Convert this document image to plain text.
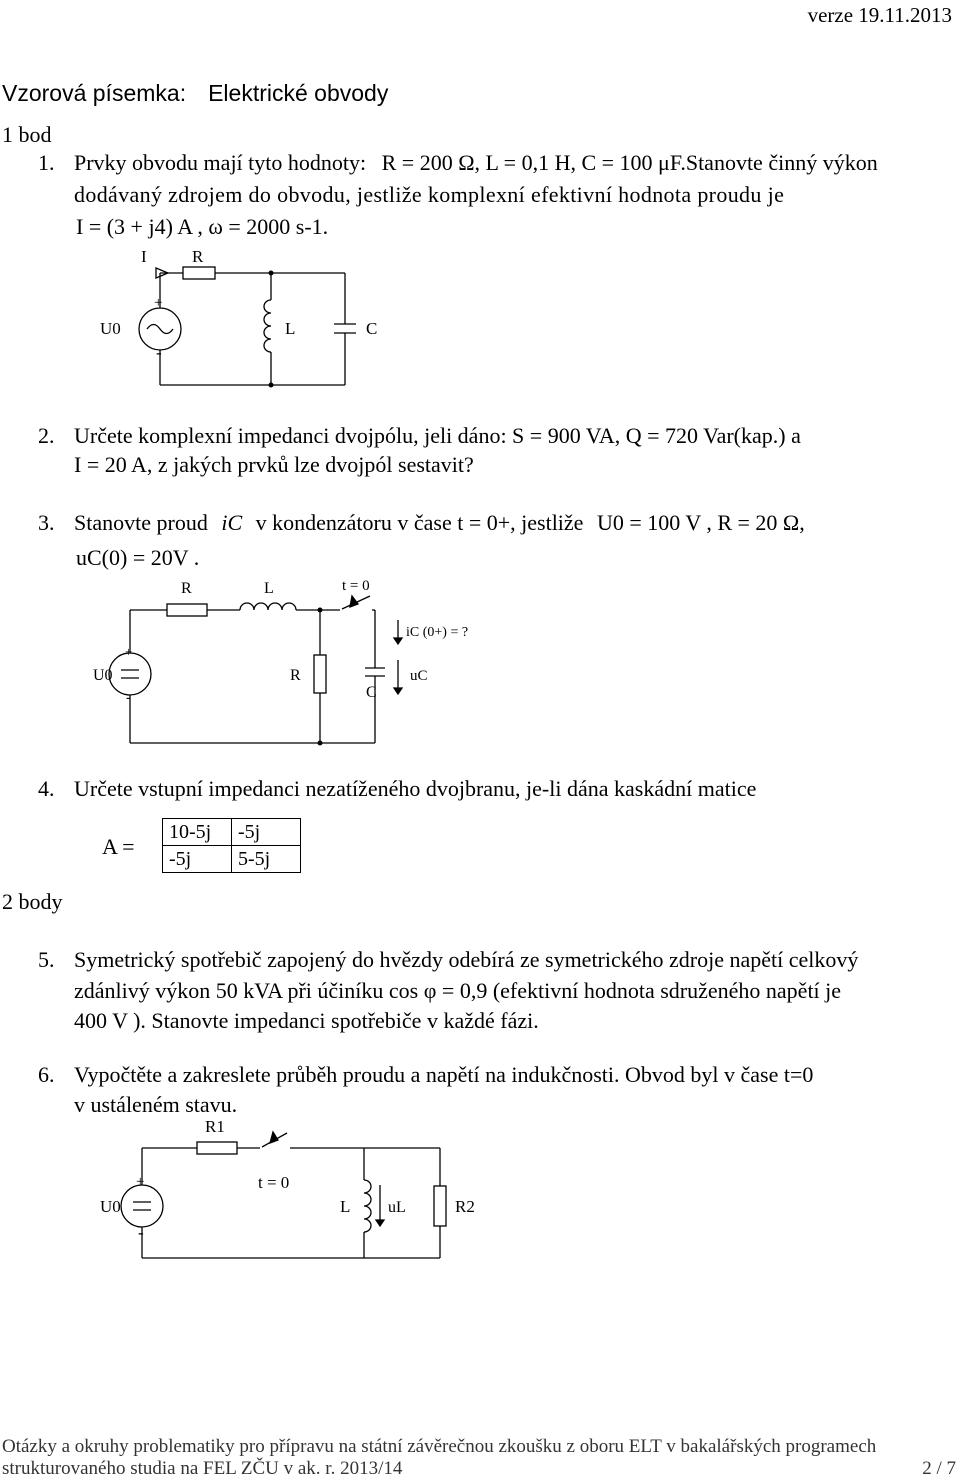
verze 19.11.2013
Vzorová písemka: Elektrické obvody
1 bod
1. Prvky obvodu mají tyto hodnoty: R = 200 Ω, L = 0,1 H, C = 100 μF.Stanovte činný výkon
dodávaný zdrojem do obvodu, jestliže komplexní efektivní hodnota proudu je
I = (3 + j4) A , ω = 2000 s-1.
I	R
+
U0
-
L	C
2. Určete komplexní impedanci dvojpólu, jeli dáno: S = 900 VA, Q = 720 Var(kap.) a
I = 20 A, z jakých prvků lze dvojpól sestavit?
3. Stanovte proud iC v kondenzátoru v čase t = 0+, jestliže U0 = 100 V , R = 20 Ω,
uC(0) = 20V .
R	L	t = 0
iC (0+) = ?
+
U0
-
R
C
uC
4. Určete vstupní impedanci nezatíženého dvojbranu, je-li dána kaskádní matice
A =
10-5j	-5j
-5j	5-5j
2 body
5. Symetrický spotřebič zapojený do hvězdy odebírá ze symetrického zdroje napětí celkový
zdánlivý výkon 50 kVA při účiníku cos φ = 0,9 (efektivní hodnota sdruženého napětí je
400 V ). Stanovte impedanci spotřebiče v každé fázi.
6. Vypočtěte a zakreslete průběh proudu a napětí na indukčnosti. Obvod byl v čase t=0
v ustáleném stavu.
R1
t = 0
+
U0
-
L uL	R2
Otázky a okruhy problematiky pro přípravu na státní závěrečnou zkoušku z oboru ELT v bakalářských programech
strukturovaného studia na FEL ZČU v ak. r. 2013/14	2 / 7
